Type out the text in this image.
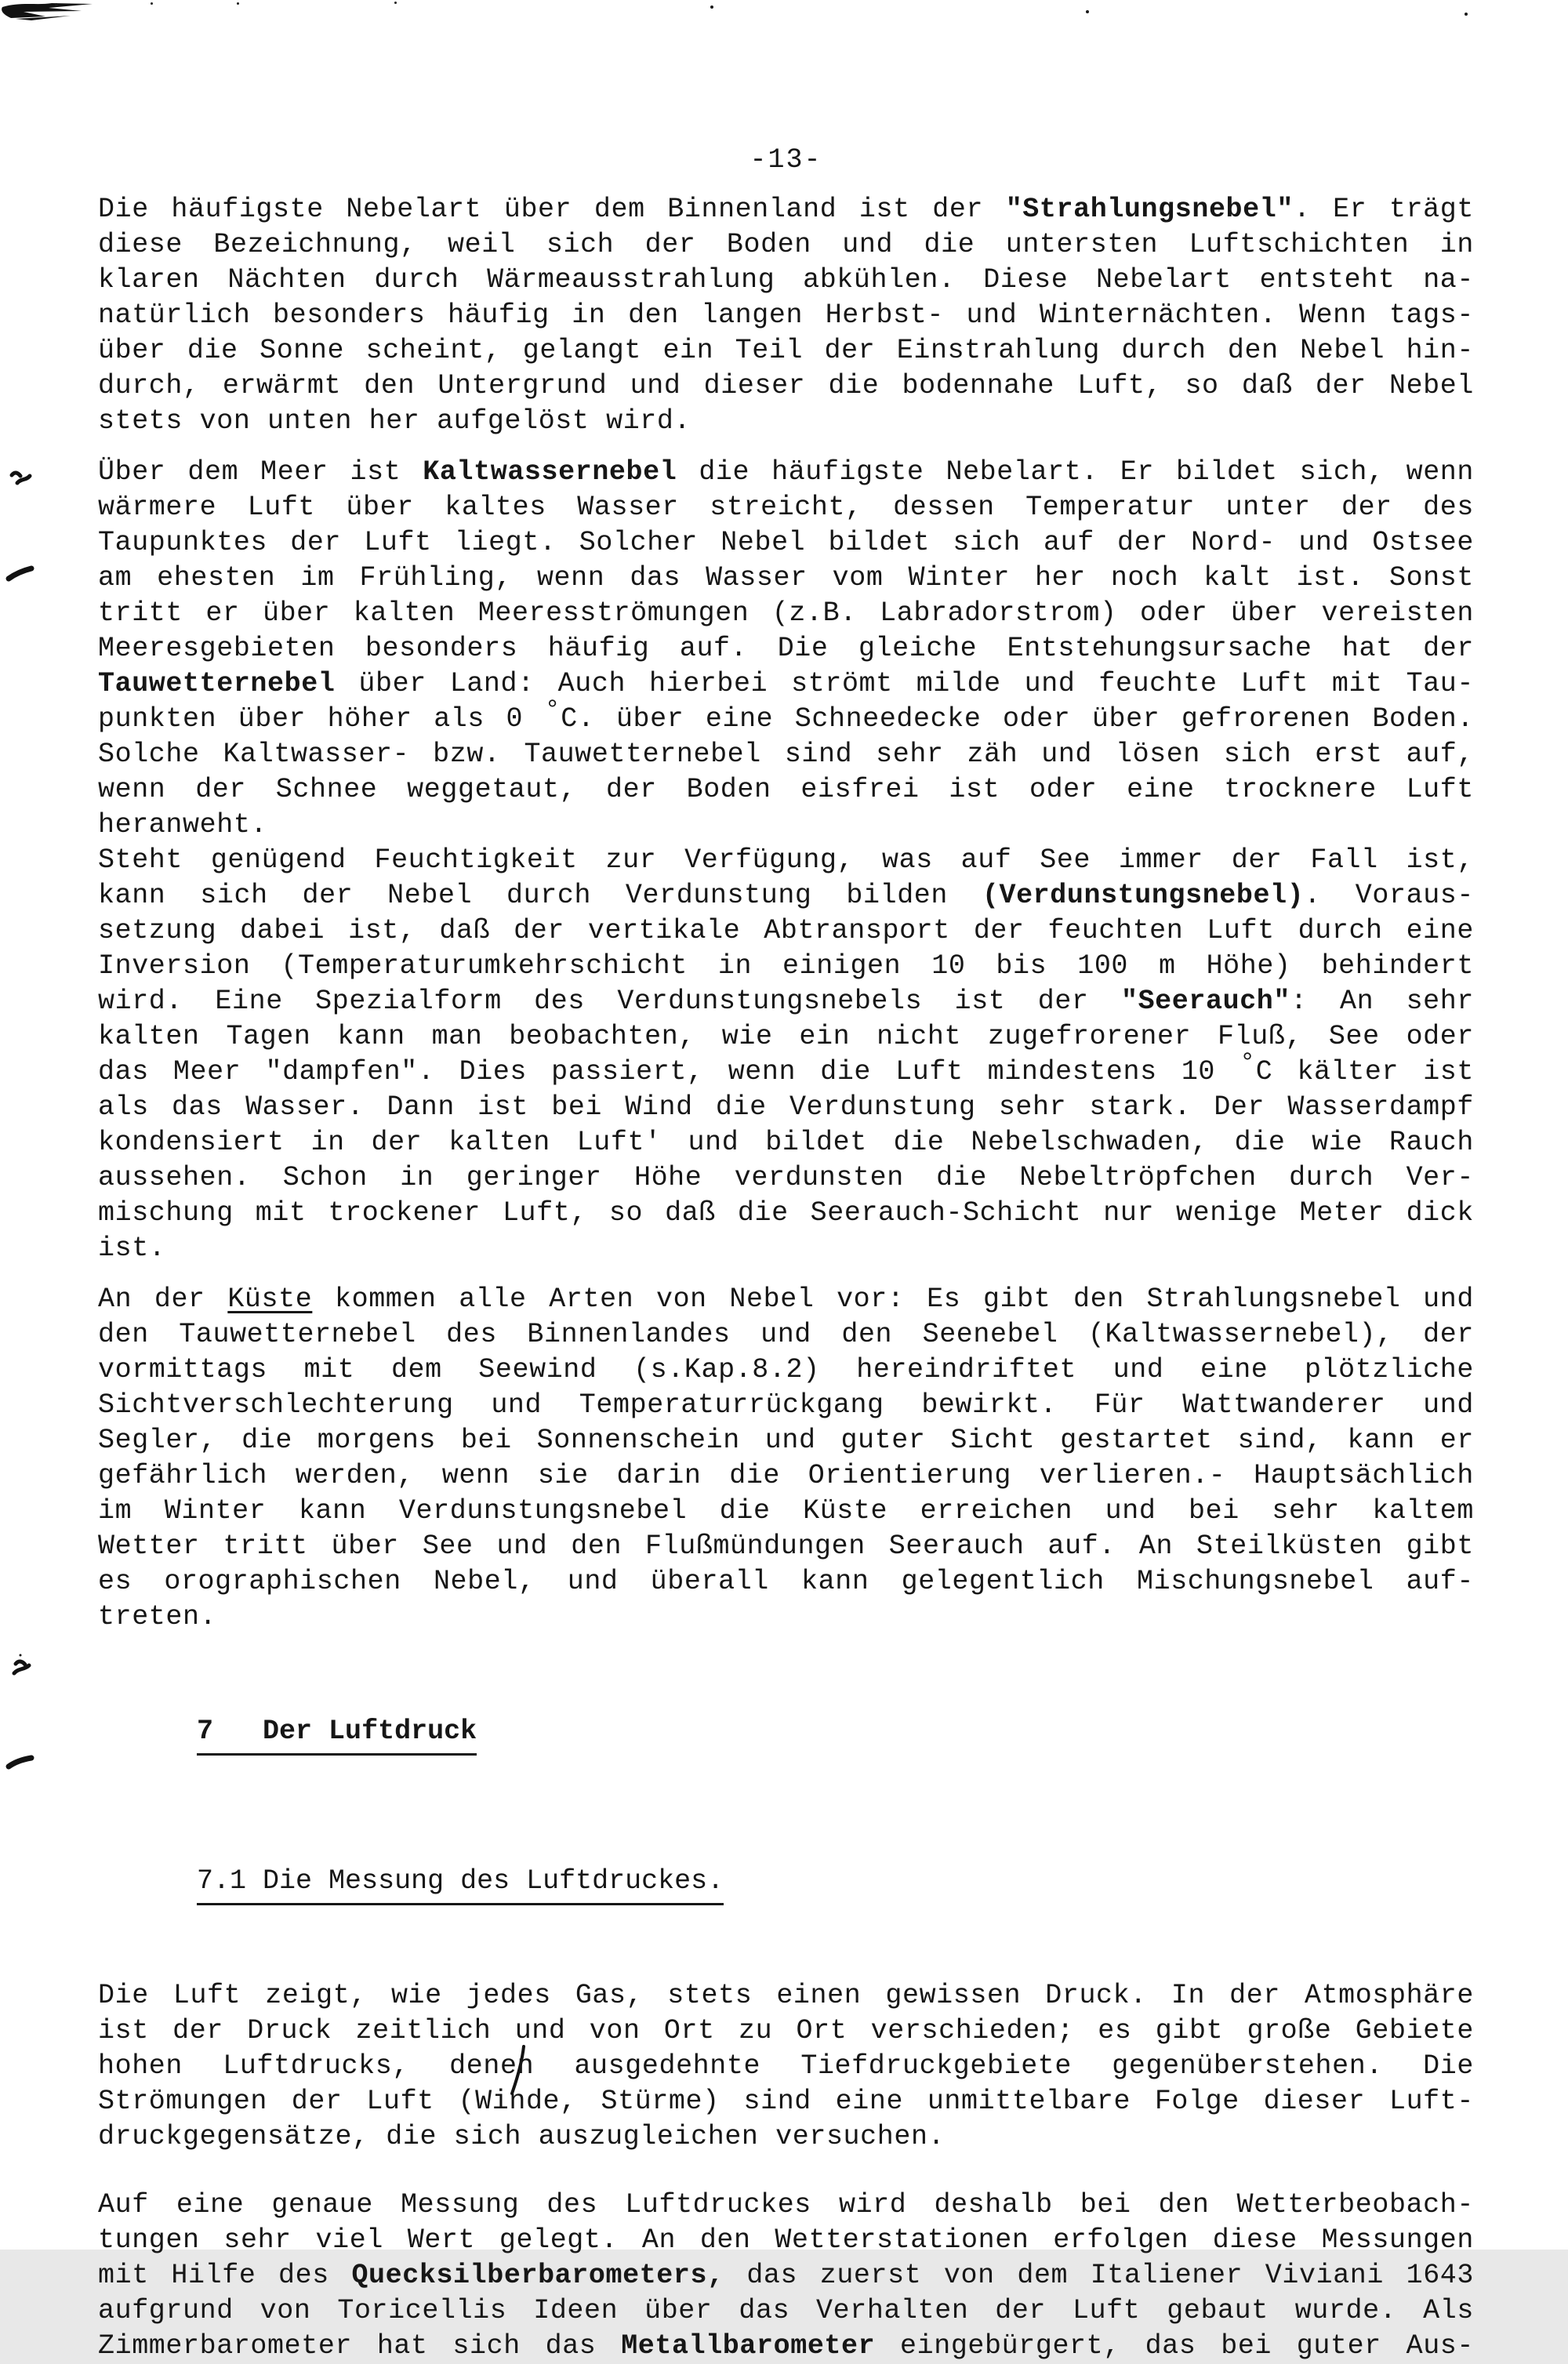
-13-
Die häufigste Nebelart über dem Binnenland ist der "Strahlungsnebel". Er trägt
diese Bezeichnung, weil sich der Boden und die untersten Luftschichten in
klaren Nächten durch Wärmeausstrahlung abkühlen. Diese Nebelart entsteht na-
natürlich besonders häufig in den langen Herbst- und Winternächten. Wenn tags-
über die Sonne scheint, gelangt ein Teil der Einstrahlung durch den Nebel hin-
durch, erwärmt den Untergrund und dieser die bodennahe Luft, so daß der Nebel
stets von unten her aufgelöst wird.
Über dem Meer ist Kaltwassernebel die häufigste Nebelart. Er bildet sich, wenn
wärmere Luft über kaltes Wasser streicht, dessen Temperatur unter der des
Taupunktes der Luft liegt. Solcher Nebel bildet sich auf der Nord- und Ostsee
am ehesten im Frühling, wenn das Wasser vom Winter her noch kalt ist. Sonst
tritt er über kalten Meeresströmungen (z.B. Labradorstrom) oder über vereisten
Meeresgebieten besonders häufig auf. Die gleiche Entstehungsursache hat der
Tauwetternebel über Land: Auch hierbei strömt milde und feuchte Luft mit Tau-
punkten über höher als 0 °C. über eine Schneedecke oder über gefrorenen Boden.
Solche Kaltwasser- bzw. Tauwetternebel sind sehr zäh und lösen sich erst auf,
wenn der Schnee weggetaut, der Boden eisfrei ist oder eine trocknere Luft
heranweht.
Steht genügend Feuchtigkeit zur Verfügung, was auf See immer der Fall ist,
kann sich der Nebel durch Verdunstung bilden (Verdunstungsnebel). Voraus-
setzung dabei ist, daß der vertikale Abtransport der feuchten Luft durch eine
Inversion (Temperaturumkehrschicht in einigen 10 bis 100 m Höhe) behindert
wird. Eine Spezialform des Verdunstungsnebels ist der "Seerauch": An sehr
kalten Tagen kann man beobachten, wie ein nicht zugefrorener Fluß, See oder
das Meer "dampfen". Dies passiert, wenn die Luft mindestens 10 °C kälter ist
als das Wasser. Dann ist bei Wind die Verdunstung sehr stark. Der Wasserdampf
kondensiert in der kalten Luft' und bildet die Nebelschwaden, die wie Rauch
aussehen. Schon in geringer Höhe verdunsten die Nebeltröpfchen durch Ver-
mischung mit trockener Luft, so daß die Seerauch-Schicht nur wenige Meter dick
ist.
An der Küste kommen alle Arten von Nebel vor: Es gibt den Strahlungsnebel und
den Tauwetternebel des Binnenlandes und den Seenebel (Kaltwassernebel), der
vormittags mit dem Seewind (s.Kap.8.2) hereindriftet und eine plötzliche
Sichtverschlechterung und Temperaturrückgang bewirkt. Für Wattwanderer und
Segler, die morgens bei Sonnenschein und guter Sicht gestartet sind, kann er
gefährlich werden, wenn sie darin die Orientierung verlieren.- Hauptsächlich
im Winter kann Verdunstungsnebel die Küste erreichen und bei sehr kaltem
Wetter tritt über See und den Flußmündungen Seerauch auf. An Steilküsten gibt
es orographischen Nebel, und überall kann gelegentlich Mischungsnebel auf-
treten.

7   Der Luftdruck

7.1 Die Messung des Luftdruckes.

Die Luft zeigt, wie jedes Gas, stets einen gewissen Druck. In der Atmosphäre
ist der Druck zeitlich und von Ort zu Ort verschieden; es gibt große Gebiete
hohen Luftdrucks, denen ausgedehnte Tiefdruckgebiete gegenüberstehen. Die
Strömungen der Luft (Winde, Stürme) sind eine unmittelbare Folge dieser Luft-
druckgegensätze, die sich auszugleichen versuchen.
Auf eine genaue Messung des Luftdruckes wird deshalb bei den Wetterbeobach-
tungen sehr viel Wert gelegt. An den Wetterstationen erfolgen diese Messungen
mit Hilfe des Quecksilberbarometers, das zuerst von dem Italiener Viviani 1643
aufgrund von Toricellis Ideen über das Verhalten der Luft gebaut wurde. Als
Zimmerbarometer hat sich das Metallbarometer eingebürgert, das bei guter Aus-
